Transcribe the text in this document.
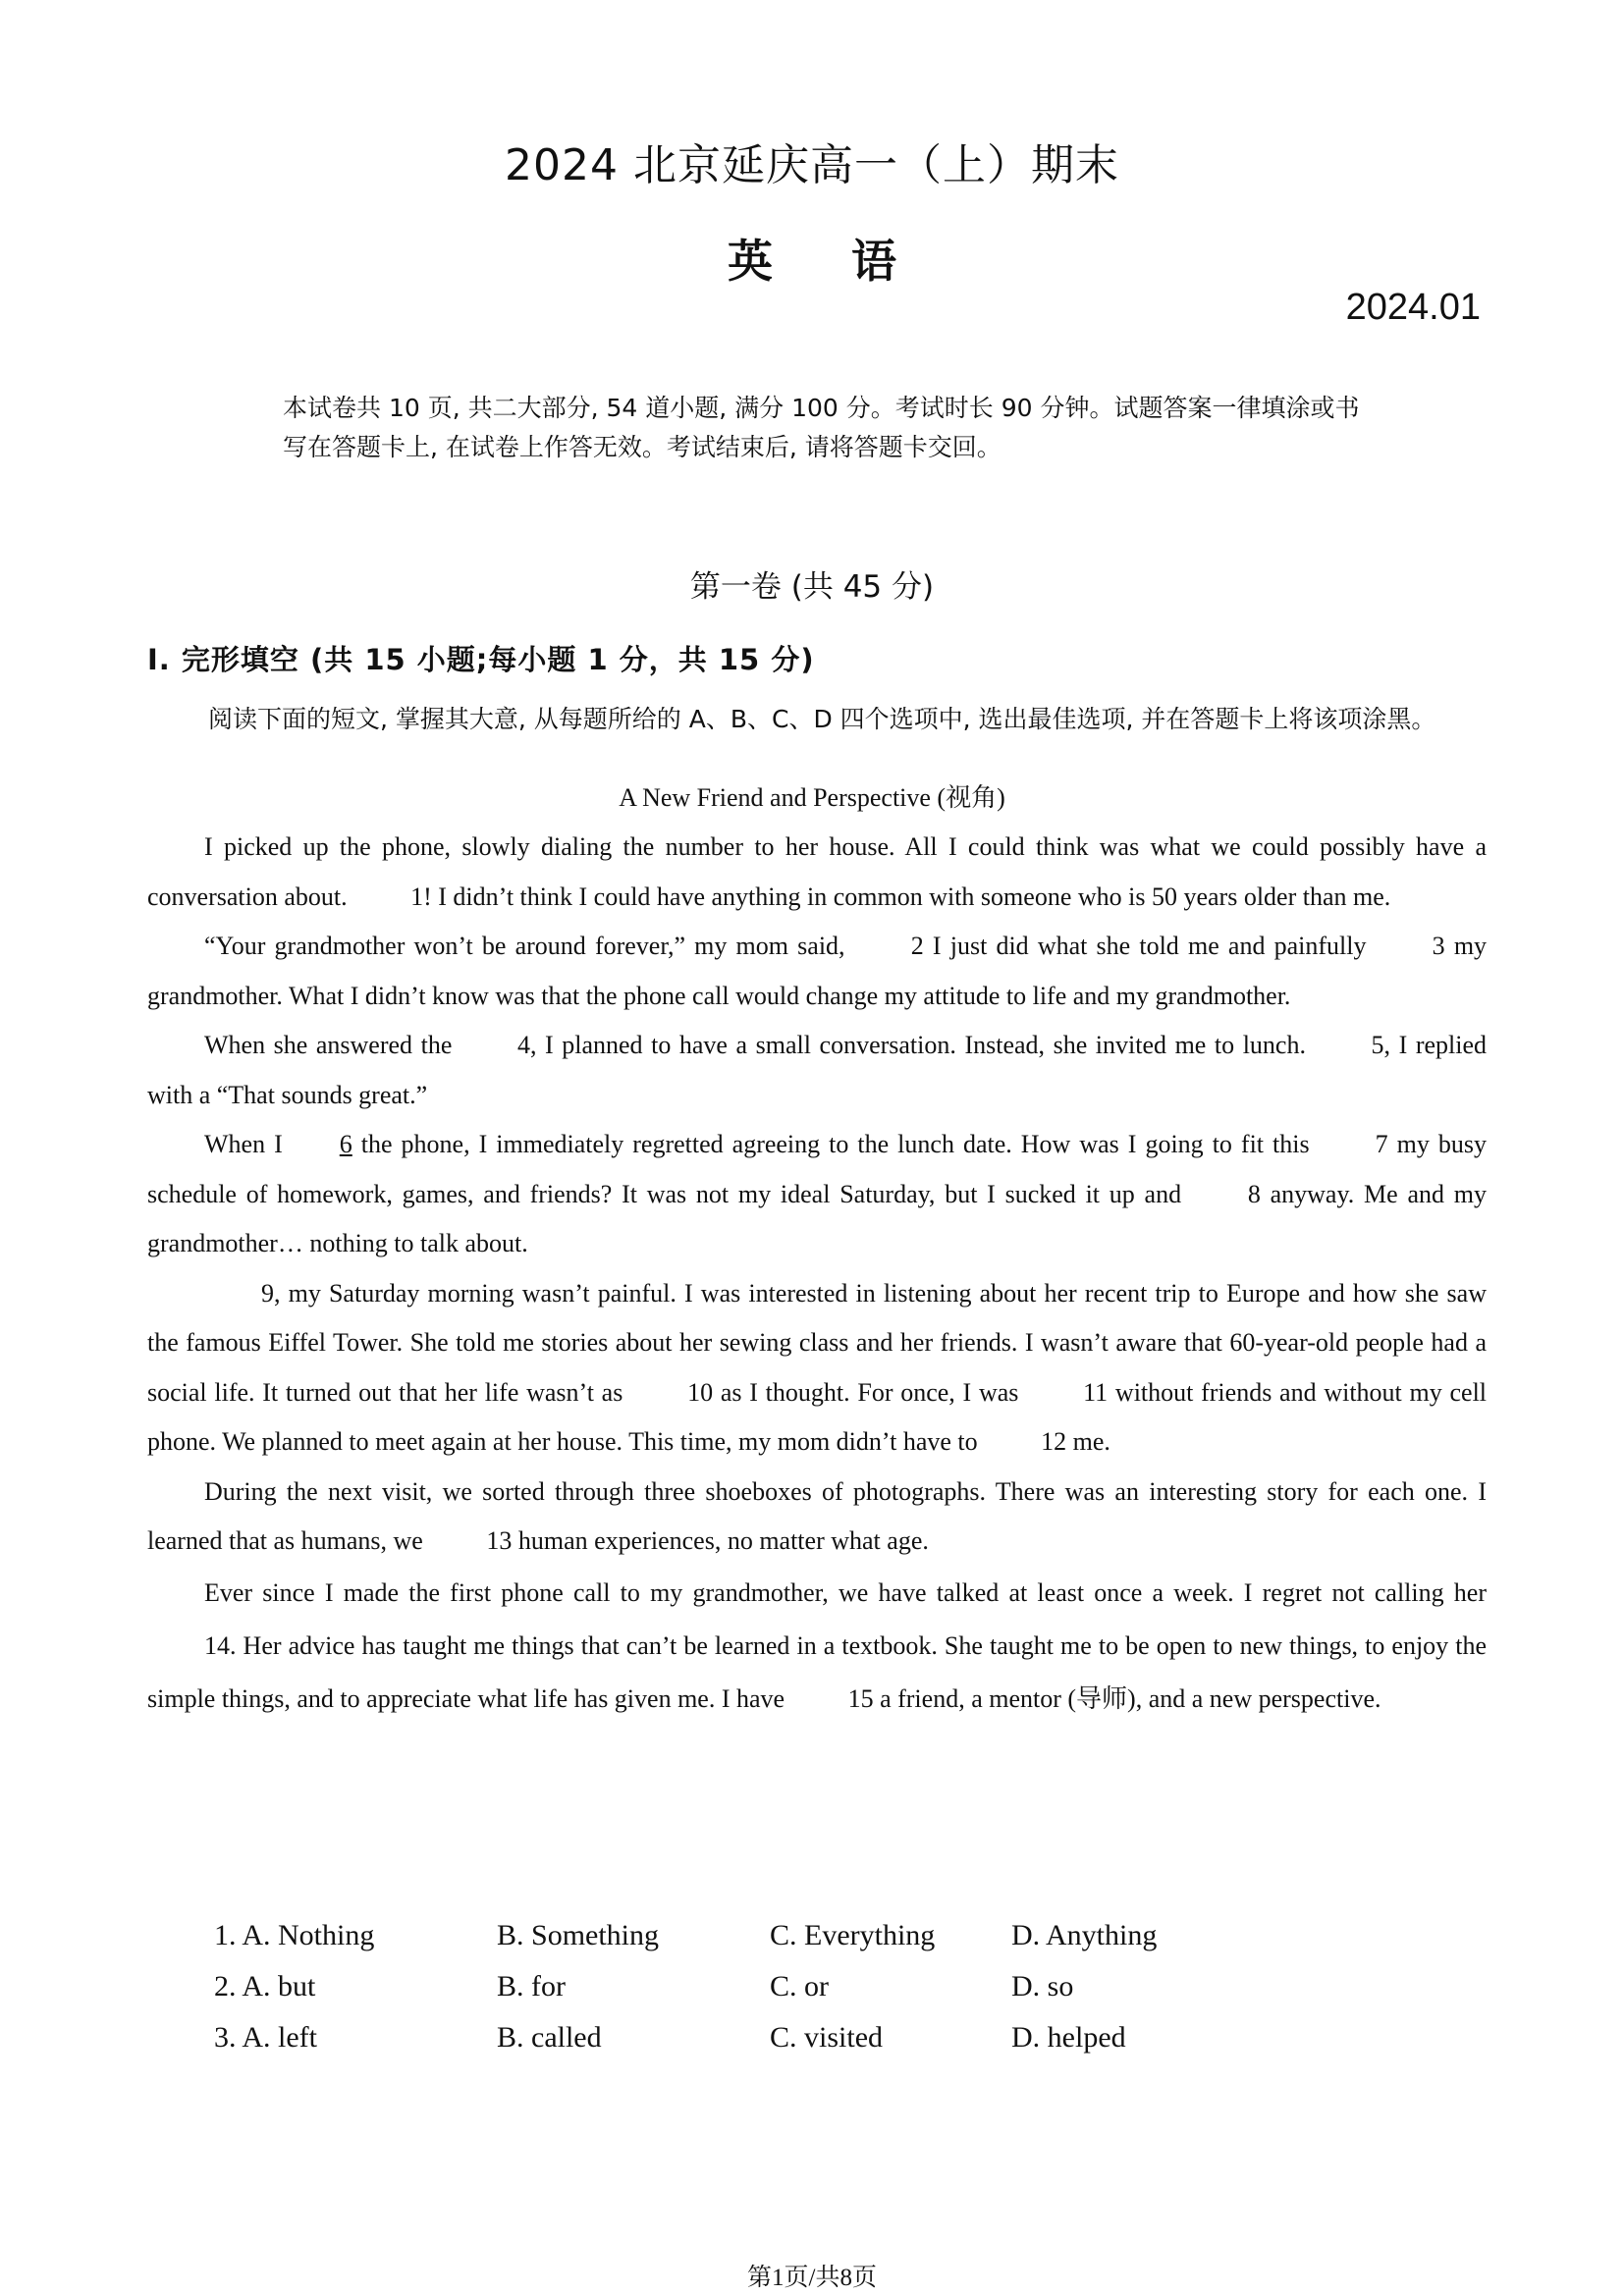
2024 北京延庆高一（上）期末
英 语
2024.01
本试卷共 10 页, 共二大部分, 54 道小题, 满分 100 分。考试时长 90 分钟。试题答案一律填涂或书写在答题卡上, 在试卷上作答无效。考试结束后, 请将答题卡交回。
第一卷 (共 45 分)
I. 完形填空 (共 15 小题;每小题 1 分，共 15 分)
阅读下面的短文, 掌握其大意, 从每题所给的 A、B、C、D 四个选项中, 选出最佳选项, 并在答题卡上将该项涂黑。
A New Friend and Perspective (视角)

I picked up the phone, slowly dialing the number to her house. All I could think was what we could possibly have a conversation about. 1! I didn’t think I could have anything in common with someone who is 50 years older than me.

“Your grandmother won’t be around forever,” my mom said,	2 I just did what she told me and painfully	3 my grandmother. What I didn’t know was that the phone call would change my attitude to life and my grandmother.

When she answered the	4, I planned to have a small conversation. Instead, she invited me to lunch.	5, I replied with a “That sounds great.”

When I 6 the phone, I immediately regretted agreeing to the lunch date. How was I going to fit this	7 my busy schedule of homework, games, and friends? It was not my ideal Saturday, but I sucked it up and	8 anyway. Me and my grandmother… nothing to talk about.

9, my Saturday morning wasn’t painful. I was interested in listening about her recent trip to Europe and how she saw the famous Eiffel Tower. She told me stories about her sewing class and her friends. I wasn’t aware that 60-year-old people had a social life. It turned out that her life wasn’t as	10 as I thought. For once, I was	11 without friends and without my cell phone. We planned to meet again at her house. This time, my mom didn’t have to 12 me.

During the next visit, we sorted through three shoeboxes of photographs. There was an interesting story for each one. I learned that as humans, we 13 human experiences, no matter what age.

Ever since I made the first phone call to my grandmother, we have talked at least once a week. I regret not calling her 14. Her advice has taught me things that can’t be learned in a textbook. She taught me to be open to new things, to enjoy the simple things, and to appreciate what life has given me. I have 15 a friend, a mentor (导师), and a new perspective.

1. A. Nothing	B. Something	C. Everything	D. Anything
2. A. but	B. for	C. or	D. so
3. A. left	B. called	C. visited	D. helped
第1页/共8页
